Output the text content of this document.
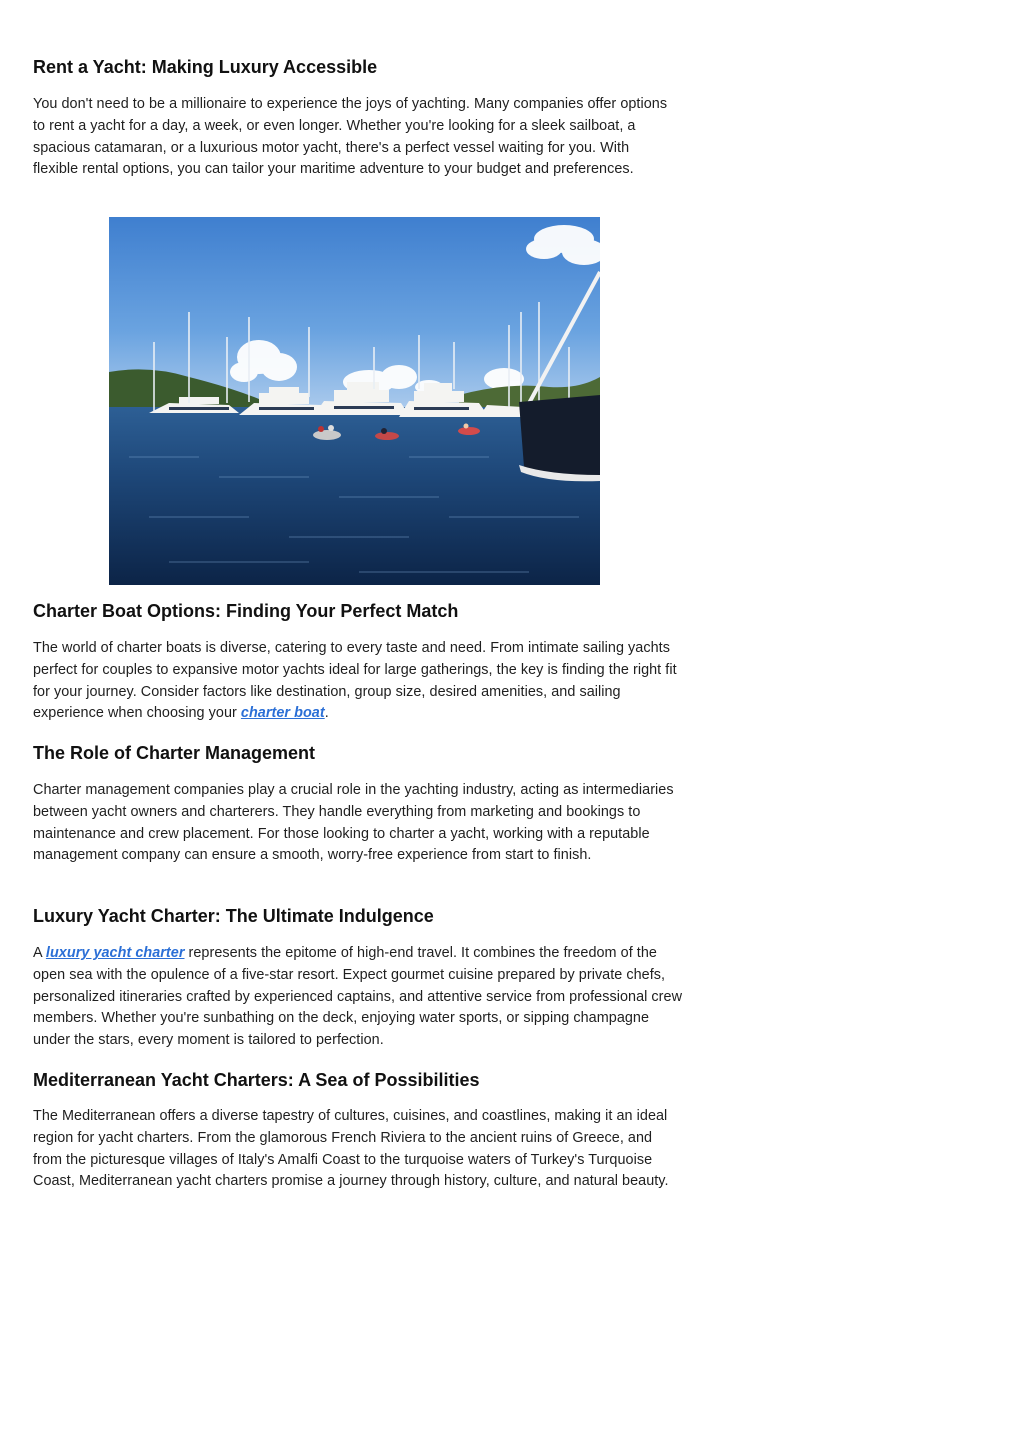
Rent a Yacht: Making Luxury Accessible

You don't need to be a millionaire to experience the joys of yachting. Many companies offer options to rent a yacht for a day, a week, or even longer. Whether you're looking for a sleek sailboat, a spacious catamaran, or a luxurious motor yacht, there's a perfect vessel waiting for you. With flexible rental options, you can tailor your maritime adventure to your budget and preferences.

Charter Boat Options: Finding Your Perfect Match

The world of charter boats is diverse, catering to every taste and need. From intimate sailing yachts perfect for couples to expansive motor yachts ideal for large gatherings, the key is finding the right fit for your journey. Consider factors like destination, group size, desired amenities, and sailing experience when choosing your charter boat.

The Role of Charter Management

Charter management companies play a crucial role in the yachting industry, acting as intermediaries between yacht owners and charterers. They handle everything from marketing and bookings to maintenance and crew placement. For those looking to charter a yacht, working with a reputable management company can ensure a smooth, worry-free experience from start to finish.

Luxury Yacht Charter: The Ultimate Indulgence

A luxury yacht charter represents the epitome of high-end travel. It combines the freedom of the open sea with the opulence of a five-star resort. Expect gourmet cuisine prepared by private chefs, personalized itineraries crafted by experienced captains, and attentive service from professional crew members. Whether you're sunbathing on the deck, enjoying water sports, or sipping champagne under the stars, every moment is tailored to perfection.

Mediterranean Yacht Charters: A Sea of Possibilities

The Mediterranean offers a diverse tapestry of cultures, cuisines, and coastlines, making it an ideal region for yacht charters. From the glamorous French Riviera to the ancient ruins of Greece, and from the picturesque villages of Italy's Amalfi Coast to the turquoise waters of Turkey's Turquoise Coast, Mediterranean yacht charters promise a journey through history, culture, and natural beauty.
